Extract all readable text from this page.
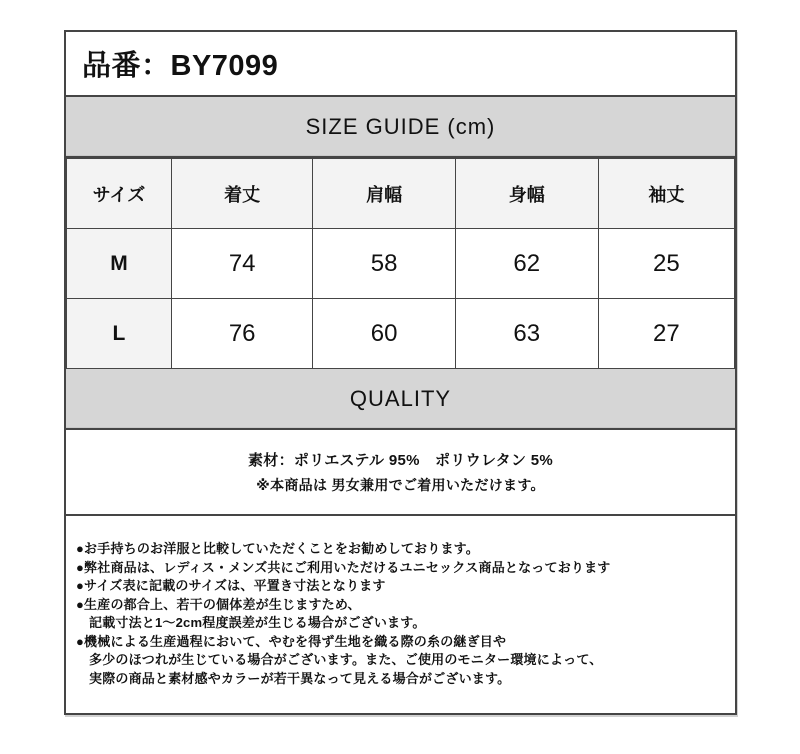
品番：BY7099
SIZE GUIDE (cm)
サイズ	着丈	肩幅	身幅	袖丈
M	74	58	62	25
L	76	60	63	27
QUALITY
素材：ポリエステル 95%　ポリウレタン 5%
※本商品は 男女兼用でご着用いただけます。
●お手持ちのお洋服と比較していただくことをお勧めしております。
●弊社商品は、レディス・メンズ共にご利用いただけるユニセックス商品となっております
●サイズ表に記載のサイズは、平置き寸法となります
●生産の都合上、若干の個体差が生じますため、
記載寸法と1～2cm程度誤差が生じる場合がございます。
●機械による生産過程において、やむを得ず生地を織る際の糸の継ぎ目や
多少のほつれが生じている場合がございます。また、ご使用のモニター環境によって、
実際の商品と素材感やカラーが若干異なって見える場合がございます。
